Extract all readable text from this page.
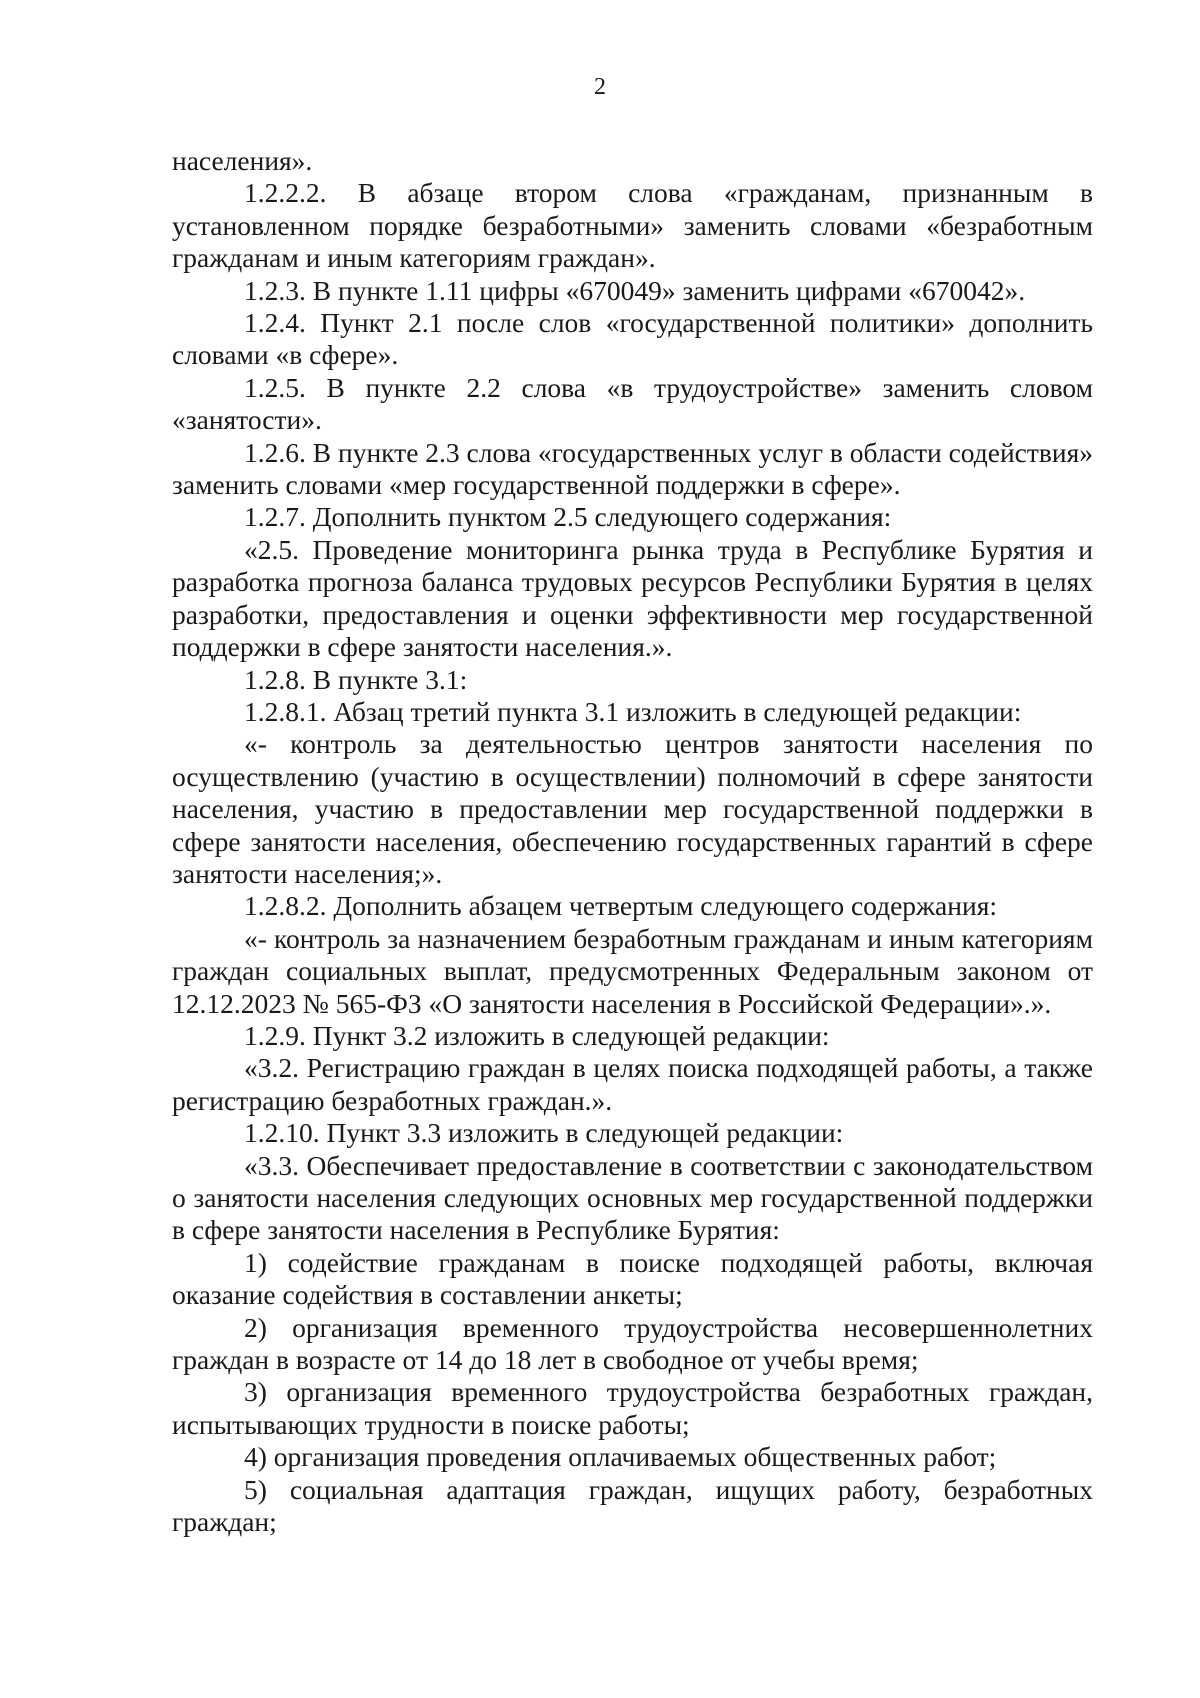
2

населения».

1.2.2.2. В абзаце втором слова «гражданам, признанным в установленном порядке безработными» заменить словами «безработным гражданам и иным категориям граждан».

1.2.3. В пункте 1.11 цифры «670049» заменить цифрами «670042».

1.2.4. Пункт 2.1 после слов «государственной политики» дополнить словами «в сфере».

1.2.5. В пункте 2.2 слова «в трудоустройстве» заменить словом «занятости».

1.2.6. В пункте 2.3 слова «государственных услуг в области содействия» заменить словами «мер государственной поддержки в сфере».

1.2.7. Дополнить пунктом 2.5 следующего содержания:

«2.5. Проведение мониторинга рынка труда в Республике Бурятия и разработка прогноза баланса трудовых ресурсов Республики Бурятия в целях разработки, предоставления и оценки эффективности мер государственной поддержки в сфере занятости населения.».

1.2.8. В пункте 3.1:

1.2.8.1. Абзац третий пункта 3.1 изложить в следующей редакции:

«- контроль за деятельностью центров занятости населения по осуществлению (участию в осуществлении) полномочий в сфере занятости населения, участию в предоставлении мер государственной поддержки в сфере занятости населения, обеспечению государственных гарантий в сфере занятости населения;».

1.2.8.2. Дополнить абзацем четвертым следующего содержания:

«- контроль за назначением безработным гражданам и иным категориям граждан социальных выплат, предусмотренных Федеральным законом от 12.12.2023 № 565-ФЗ «О занятости населения в Российской Федерации».».

1.2.9. Пункт 3.2 изложить в следующей редакции:

«3.2. Регистрацию граждан в целях поиска подходящей работы, а также регистрацию безработных граждан.».

1.2.10. Пункт 3.3 изложить в следующей редакции:

«3.3. Обеспечивает предоставление в соответствии с законодательством о занятости населения следующих основных мер государственной поддержки в сфере занятости населения в Республике Бурятия:

1) содействие гражданам в поиске подходящей работы, включая оказание содействия в составлении анкеты;

2) организация временного трудоустройства несовершеннолетних граждан в возрасте от 14 до 18 лет в свободное от учебы время;

3) организация временного трудоустройства безработных граждан, испытывающих трудности в поиске работы;

4) организация проведения оплачиваемых общественных работ;

5) социальная адаптация граждан, ищущих работу, безработных граждан;
